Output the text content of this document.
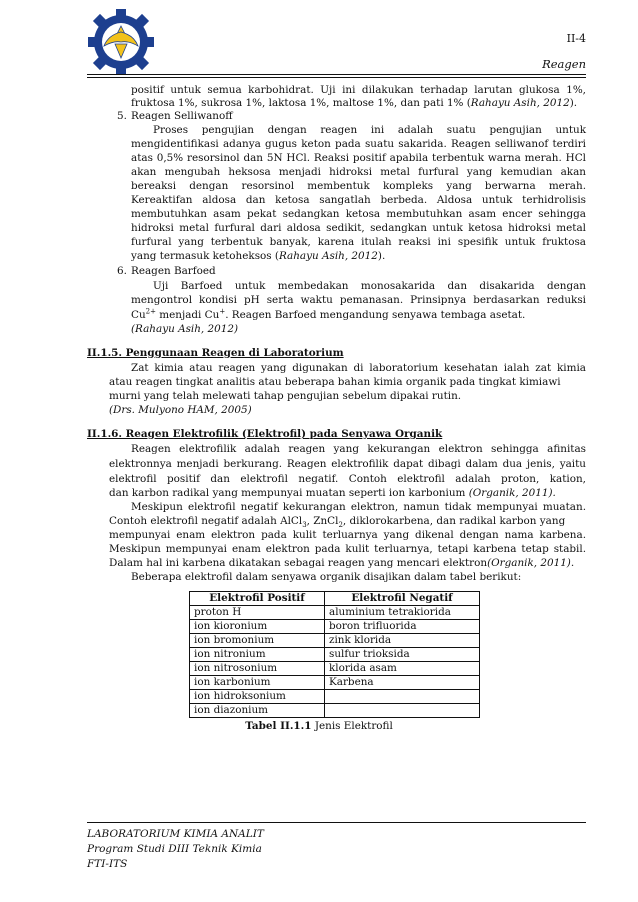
II-4
Reagen
positif untuk semua karbohidrat. Uji ini dilakukan terhadap larutan glukosa 1%,
fruktosa 1%, sukrosa 1%, laktosa 1%, maltose 1%, dan pati 1% (Rahayu Asih, 2012).
5. Reagen Selliwanoff
Proses pengujian dengan reagen ini adalah suatu pengujian untuk
mengidentifikasi adanya gugus keton pada suatu sakarida. Reagen selliwanof terdiri
atas 0,5% resorsinol dan 5N HCl. Reaksi positif apabila terbentuk warna merah. HCl
akan mengubah heksosa menjadi hidroksi metal furfural yang kemudian akan
bereaksi dengan resorsinol membentuk kompleks yang berwarna merah.
Kereaktifan aldosa dan ketosa sangatlah berbeda. Aldosa untuk terhidrolisis
membutuhkan asam pekat sedangkan ketosa membutuhkan asam encer sehingga
hidroksi metal furfural dari aldosa sedikit, sedangkan untuk ketosa hidroksi metal
furfural yang terbentuk banyak, karena itulah reaksi ini spesifik untuk fruktosa
yang termasuk ketoheksos (Rahayu Asih, 2012).
6. Reagen Barfoed
Uji Barfoed untuk membedakan monosakarida dan disakarida dengan
mengontrol kondisi pH serta waktu pemanasan. Prinsipnya berdasarkan reduksi
$Cu^{2+}$ menjadi Cu+. Reagen Barfoed mengandung senyawa tembaga asetat.
(Rahayu Asih, 2012)
II.1.5. Penggunaan Reagen di Laboratorium
Zat kimia atau reagen yang digunakan di laboratorium kesehatan ialah zat kimia
atau reagen tingkat analitis atau beberapa bahan kimia organik pada tingkat kimiawi
murni yang telah melewati tahap pengujian sebelum dipakai rutin.
(Drs. Mulyono HAM, 2005)
II.1.6. Reagen Elektrofilik (Elektrofil) pada Senyawa Organik
Reagen elektrofilik adalah reagen yang kekurangan elektron sehingga afinitas
elektronnya menjadi berkurang. Reagen elektrofilik dapat dibagi dalam dua jenis, yaitu
elektrofil positif dan elektrofil negatif. Contoh elektrofil adalah proton, kation,
dan karbon radikal yang mempunyai muatan seperti ion karbonium (Organik, 2011).
Meskipun elektrofil negatif kekurangan elektron, namun tidak mempunyai muatan.
Contoh elektrofil negatif adalah AlCl$_3$, ZnCl$_2$, diklorokarbena, dan radikal karbon yang
mempunyai enam elektron pada kulit terluarnya yang dikenal dengan nama karbena.
Meskipun mempunyai enam elektron pada kulit terluarnya, tetapi karbena tetap stabil.
Dalam hal ini karbena dikatakan sebagai reagen yang mencari elektron(Organik, 2011).
Beberapa elektrofil dalam senyawa organik disajikan dalam tabel berikut:
Elektrofil Positif	Elektrofil Negatif
proton H	aluminium tetrakiorida
ion kioronium	boron trifluorida
ion bromonium	zink klorida
ion nitronium	sulfur trioksida
ion nitrosonium	klorida asam
ion karbonium	Karbena
ion hidroksonium	
ion diazonium	
Tabel II.1.1 Jenis Elektrofil
LABORATORIUM KIMIA ANALIT
Program Studi DIII Teknik Kimia
FTI-ITS
